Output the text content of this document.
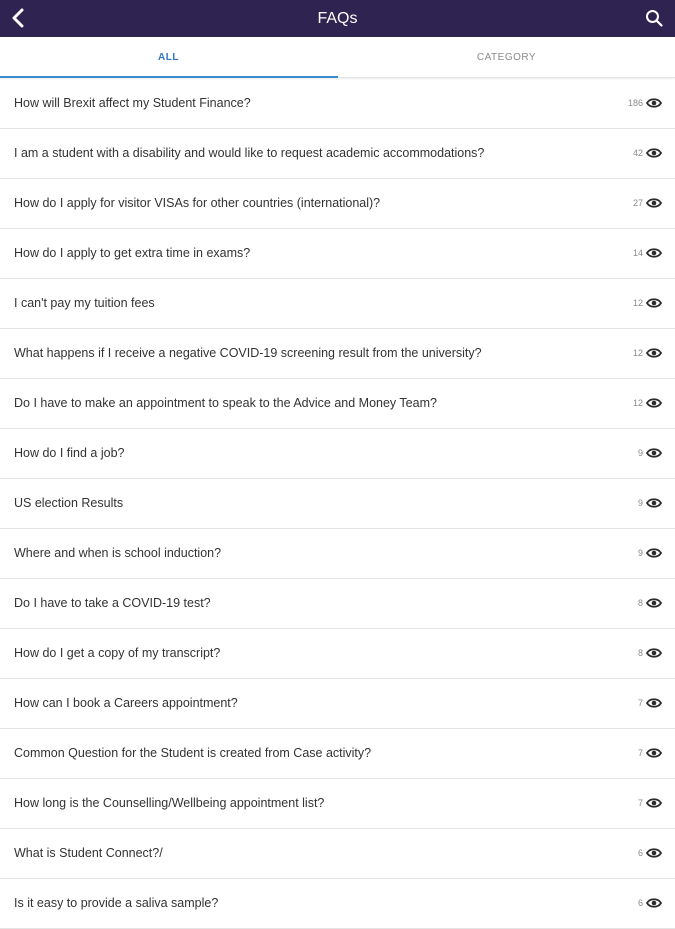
FAQs
ALL	CATEGORY
How will Brexit affect my Student Finance?	186
I am a student with a disability and would like to request academic accommodations?	42
How do I apply for visitor VISAs for other countries (international)?	27
How do I apply to get extra time in exams?	14
I can't pay my tuition fees	12
What happens if I receive a negative COVID-19 screening result from the university?	12
Do I have to make an appointment to speak to the Advice and Money Team?	12
How do I find a job?	9
US election Results	9
Where and when is school induction?	9
Do I have to take a COVID-19 test?	8
How do I get a copy of my transcript?	8
How can I book a Careers appointment?	7
Common Question for the Student is created from Case activity?	7
How long is the Counselling/Wellbeing appointment list?	7
What is Student Connect?/	6
Is it easy to provide a saliva sample?	6
